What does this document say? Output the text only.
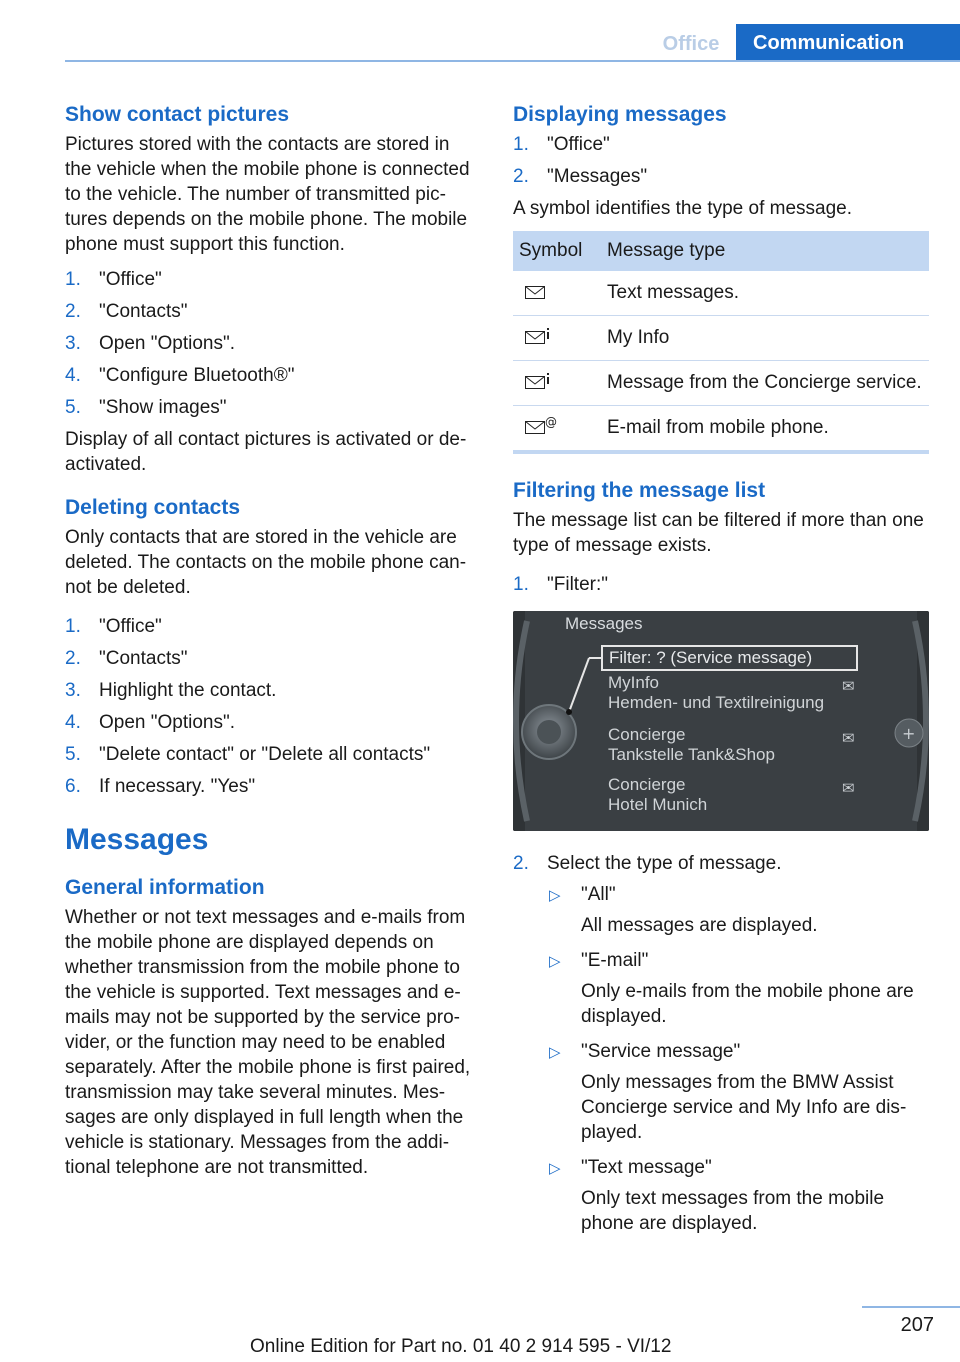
Office	Communication
Show contact pictures

Pictures stored with the contacts are stored in the vehicle when the mobile phone is connected to the vehicle. The number of transmitted pictures depends on the mobile phone. The mobile phone must support this function.

1. "Office"
2. "Contacts"
3. Open "Options".
4. "Configure Bluetooth®"
5. "Show images"

Display of all contact pictures is activated or deactivated.

Deleting contacts

Only contacts that are stored in the vehicle are deleted. The contacts on the mobile phone cannot be deleted.

1. "Office"
2. "Contacts"
3. Highlight the contact.
4. Open "Options".
5. "Delete contact" or "Delete all contacts"
6. If necessary. "Yes"
Messages
General information

Whether or not text messages and e-mails from the mobile phone are displayed depends on whether transmission from the mobile phone to the vehicle is supported. Text messages and e-mails may not be supported by the service provider, or the function may need to be enabled separately. After the mobile phone is first paired, transmission may take several minutes. Messages are only displayed in full length when the vehicle is stationary. Messages from the additional telephone are not transmitted.

Displaying messages
1. "Office"
2. "Messages"

A symbol identifies the type of message.

Symbol	Message type

	Text messages.

	My Info

	Message from the Concierge service.

@	E-mail from mobile phone.
Filtering the message list

The message list can be filtered if more than one type of message exists.

1. "Filter:"
+
Messages
Filter: ? (Service message)
MyInfo
Hemden- und Textilreinigung
Concierge
Tankstelle Tank&Shop
Concierge
Hotel Munich
✉
✉
✉
2. Select the type of message.
▷ "All"
All messages are displayed.
▷ "E-mail"
Only e-mails from the mobile phone are displayed.
▷ "Service message"
Only messages from the BMW Assist Concierge service and My Info are displayed.
▷ "Text message"
Only text messages from the mobile phone are displayed.
207
Online Edition for Part no. 01 40 2 914 595 - VI/12
